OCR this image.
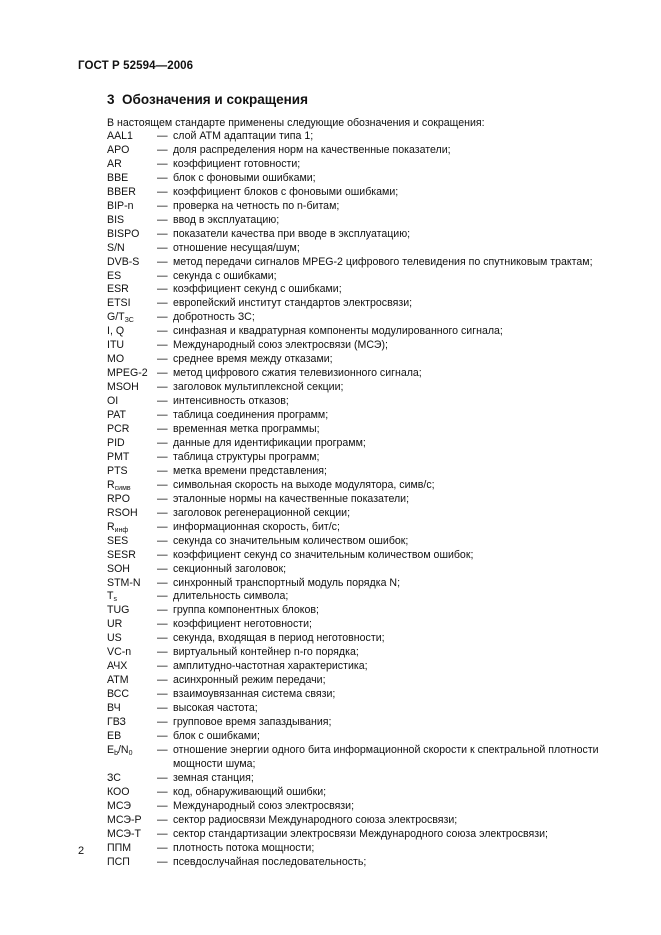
ГОСТ Р 52594—2006
3 Обозначения и сокращения
В настоящем стандарте применены следующие обозначения и сокращения:
AAL1	— слой ATM адаптации типа 1;
APO	— доля распределения норм на качественные показатели;
AR	— коэффициент готовности;
BBE	— блок с фоновыми ошибками;
BBER	— коэффициент блоков с фоновыми ошибками;
BIP-n	— проверка на четность по n-битам;
BIS	— ввод в эксплуатацию;
BISPO	— показатели качества при вводе в эксплуатацию;
S/N	— отношение несущая/шум;
DVB-S	— метод передачи сигналов MPEG-2 цифрового телевидения по спутниковым трактам;
ES	— секунда с ошибками;
ESR	— коэффициент секунд с ошибками;
ETSI	— европейский институт стандартов электросвязи;
$G/T_{ЗС}$	— добротность ЗС;
I, Q	— синфазная и квадратурная компоненты модулированного сигнала;
ITU	— Международный союз электросвязи (МСЭ);
MO	— среднее время между отказами;
MPEG-2 — метод цифрового сжатия телевизионного сигнала;
MSOH	— заголовок мультиплексной секции;
OI	— интенсивность отказов;
PAT	— таблица соединения программ;
PCR	— временная метка программы;
PID	— данные для идентификации программ;
PMT	— таблица структуры программ;
PTS	— метка времени представления;
$R_{симв}$	— символьная скорость на выходе модулятора, симв/с;
RPO	— эталонные нормы на качественные показатели;
RSOH	— заголовок регенерационной секции;
$R_{инф}$	— информационная скорость, бит/с;
SES	— секунда со значительным количеством ошибок;
SESR	— коэффициент секунд со значительным количеством ошибок;
SOH	— секционный заголовок;
STM-N	— синхронный транспортный модуль порядка N;
$T_s$	— длительность символа;
TUG	— группа компонентных блоков;
UR	— коэффициент неготовности;
US	— секунда, входящая в период неготовности;
VC-n	— виртуальный контейнер n-го порядка;
АЧХ	— амплитудно-частотная характеристика;
АТМ	— асинхронный режим передачи;
ВСС	— взаимоувязанная система связи;
ВЧ	— высокая частота;
ГВЗ	— групповое время запаздывания;
ЕВ	— блок с ошибками;
$E_b/N_0$	— отношение энергии одного бита информационной скорости к спектральной плотности
мощности шума;
ЗС	— земная станция;
КОО	— код, обнаруживающий ошибки;
МСЭ	— Международный союз электросвязи;
МСЭ-Р	— сектор радиосвязи Международного союза электросвязи;
МСЭ-Т	— сектор стандартизации электросвязи Международного союза электросвязи;
ППМ	— плотность потока мощности;
ПСП	— псевдослучайная последовательность;
2
